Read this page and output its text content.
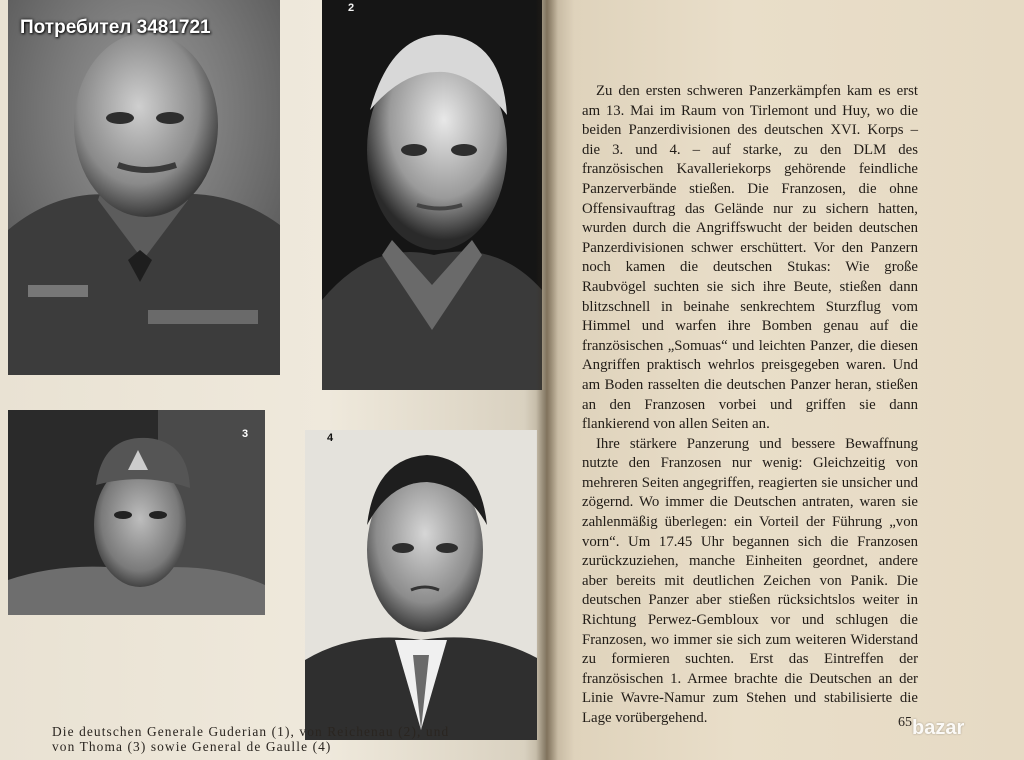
2
3	4
Die deutschen Generale Guderian (1), von Reichenau (2), und
von Thoma (3) sowie General de Gaulle (4)

Zu den ersten schweren Panzerkämpfen kam es erst am 13. Mai im Raum von Tirlemont und Huy, wo die beiden Panzerdivisionen des deutschen XVI. Korps – die 3. und 4. – auf starke, zu den DLM des französischen Kavalleriekorps gehörende feindliche Panzerverbände stießen. Die Franzosen, die ohne Offensivauftrag das Gelände nur zu sichern hatten, wurden durch die Angriffswucht der beiden deutschen Panzerdivisionen schwer erschüttert. Vor den Panzern noch kamen die deutschen Stukas: Wie große Raubvögel suchten sie sich ihre Beute, stießen dann blitzschnell in beinahe senkrechtem Sturzflug vom Himmel und warfen ihre Bomben genau auf die französischen „Somuas“ und leichten Panzer, die diesen Angriffen praktisch wehrlos preisgegeben waren. Und am Boden rasselten die deutschen Panzer heran, stießen an den Franzosen vorbei und griffen sie dann flankierend von allen Seiten an.

Ihre stärkere Panzerung und bessere Bewaffnung nutzte den Franzosen nur wenig: Gleichzeitig von mehreren Seiten angegriffen, reagierten sie unsicher und zögernd. Wo immer die Deutschen antraten, waren sie zahlenmäßig überlegen: ein Vorteil der Führung „von vorn“. Um 17.45 Uhr begannen sich die Franzosen zurückzuziehen, manche Einheiten geordnet, andere aber bereits mit deutlichen Zeichen von Panik. Die deutschen Panzer aber stießen rücksichtslos weiter in Richtung Perwez-Gembloux vor und schlugen die Franzosen, wo immer sie sich zum weiteren Widerstand zu formieren suchten. Erst das Eintreffen der französischen 1. Armee brachte die Deutschen an der Linie Wavre-Namur zum Stehen und stabilisierte die Lage vorübergehend.	65
Потребител 3481721
bazar
